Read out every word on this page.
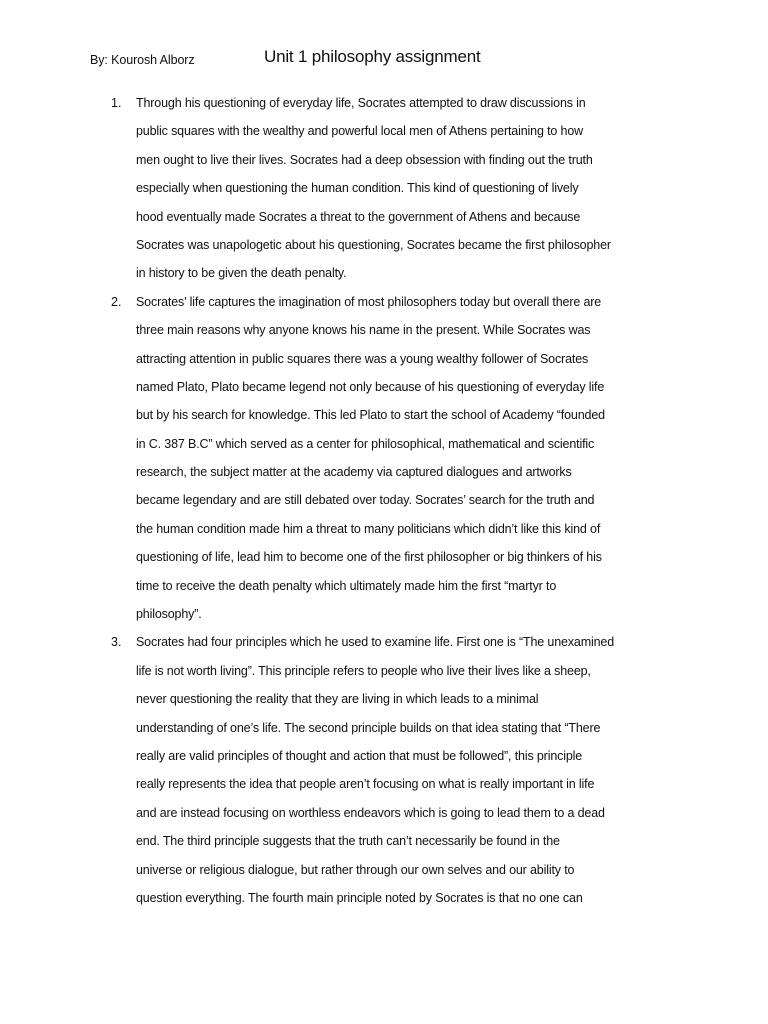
By: Kourosh Alborz	Unit 1 philosophy assignment
1. Through his questioning of everyday life, Socrates attempted to draw discussions in
public squares with the wealthy and powerful local men of Athens pertaining to how
men ought to live their lives. Socrates had a deep obsession with finding out the truth
especially when questioning the human condition. This kind of questioning of lively
hood eventually made Socrates a threat to the government of Athens and because
Socrates was unapologetic about his questioning, Socrates became the first philosopher
in history to be given the death penalty.
2. Socrates’ life captures the imagination of most philosophers today but overall there are
three main reasons why anyone knows his name in the present. While Socrates was
attracting attention in public squares there was a young wealthy follower of Socrates
named Plato, Plato became legend not only because of his questioning of everyday life
but by his search for knowledge. This led Plato to start the school of Academy “founded
in C. 387 B.C” which served as a center for philosophical, mathematical and scientific
research, the subject matter at the academy via captured dialogues and artworks
became legendary and are still debated over today. Socrates’ search for the truth and
the human condition made him a threat to many politicians which didn’t like this kind of
questioning of life, lead him to become one of the first philosopher or big thinkers of his
time to receive the death penalty which ultimately made him the first “martyr to
philosophy”.
3. Socrates had four principles which he used to examine life. First one is “The unexamined
life is not worth living”. This principle refers to people who live their lives like a sheep,
never questioning the reality that they are living in which leads to a minimal
understanding of one’s life. The second principle builds on that idea stating that “There
really are valid principles of thought and action that must be followed”, this principle
really represents the idea that people aren’t focusing on what is really important in life
and are instead focusing on worthless endeavors which is going to lead them to a dead
end. The third principle suggests that the truth can’t necessarily be found in the
universe or religious dialogue, but rather through our own selves and our ability to
question everything. The fourth main principle noted by Socrates is that no one can
